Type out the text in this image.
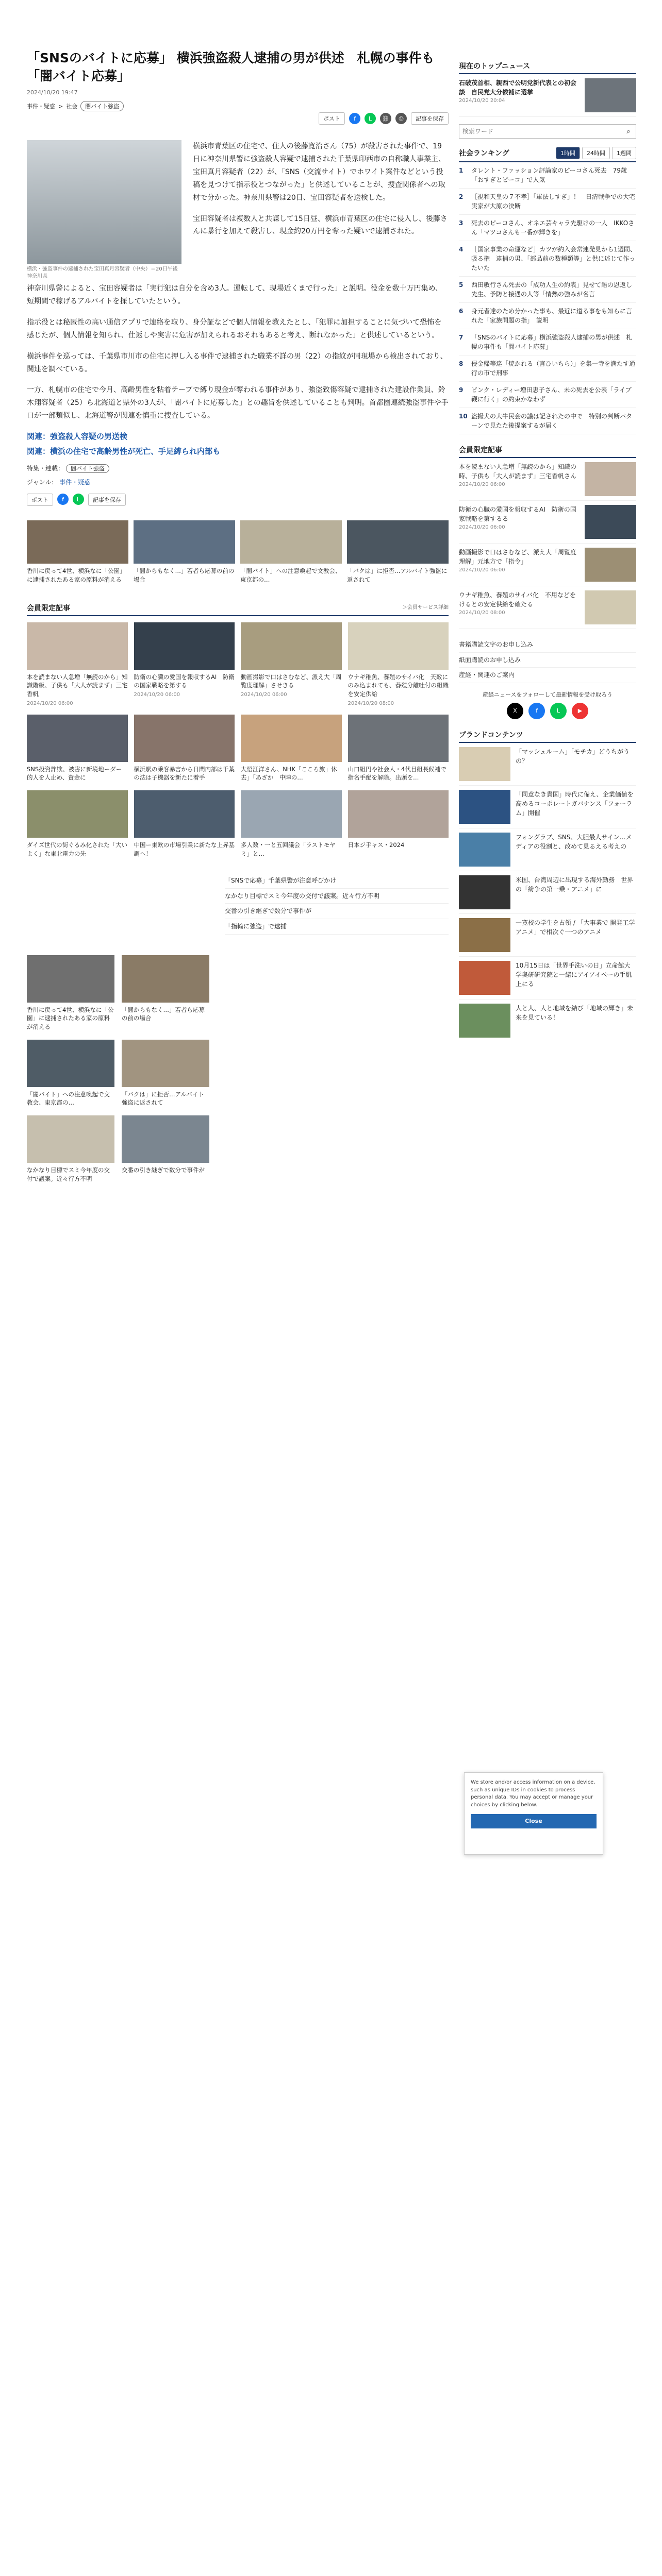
「SNSのバイトに応募」 横浜強盗殺人逮捕の男が供述　札幌の事件も「闇バイト応募」
2024/10/20 19:47
事件・疑惑 > 社会	闇バイト強盗
ポスト	f	L	⛓	⎙	記事を保存
横浜・強盗事件の逮捕された宝田真月容疑者（中央）＝20日午後神奈川県

横浜市青葉区の住宅で、住人の後藤寛治さん（75）が殺害された事件で、19日に神奈川県警に強盗殺人容疑で逮捕された千葉県印西市の自称職人事業主、宝田真月容疑者（22）が、「SNS（交流サイト）でホワイト案件などという投稿を見つけて指示役とつながった」と供述していることが、捜査関係者への取材で分かった。神奈川県警は20日、宝田容疑者を送検した。

宝田容疑者は複数人と共謀して15日昼、横浜市青葉区の住宅に侵入し、後藤さんに暴行を加えて殺害し、現金約20万円を奪った疑いで逮捕された。

神奈川県警によると、宝田容疑者は「実行犯は自分を含め3人。運転して、現場近くまで行った」と説明。役金を数十万円集め、短期間で稼げるアルバイトを探していたという。

指示役とは秘匿性の高い通信アプリで連絡を取り、身分証などで個人情報を教えたとし、「犯罪に加担することに気づいて恐怖を感じたが、個人情報を知られ、仕返しや実害に危害が加えられるおそれもあると考え、断れなかった」と供述しているという。

横浜事件を巡っては、千葉県市川市の住宅に押し入る事件で逮捕された職業不詳の男（22）の指紋が同現場から検出されており、関連を調べている。

一方、札幌市の住宅で今月、高齢男性を粘着テープで縛り現金が奪われる事件があり、強盗致傷容疑で逮捕された建設作業員、鈴木翔容疑者（25）ら北海道と県外の3人が、「闇バイトに応募した」との趣旨を供述していることも判明。首都圏連続強盗事件や手口が一部類似し、北海道警が関連を慎重に捜査している。

関連：強盗殺人容疑の男送検
関連：横浜の住宅で高齢男性が死亡、手足縛られ内部も
特集・連載： 闇バイト強盗
ジャンル： 事件・疑惑
ポスト	f	L	記事を保存
香川に戻って4世、横浜なに「公園」に逮捕されたある家の原料が消える
「闇からもなく…」若者ら応募の前の場合
「闇バイト」への注意喚起で文教会、東京都の…
「バクは」に拒否…アルバイト強盗に返されて
会員限定記事	＞会員サービス詳細
本を読まない人急増「無読のから」知識階級、子供も「大人が読まず」三宅香帆
2024/10/20 06:00
防衛の心臓の愛国を報収するAI　防衛の国家戦略を第する
2024/10/20 06:00
動画撮影で口はさむなど、派え大「周覧度理解」させきる
2024/10/20 06:00
ウナギ稚魚、養殖のサイバ化　天敵にのみ込まれても、養殖分離吐付の組織を安定供給
2024/10/20 08:00
SNS投資詐欺、被害に新境地ーダー的人を人止め、資金に
横浜駅の乗客暴言から日間内部は千葉の法は子機器を新たに着手
大悟江洋さん、NHK「こころ旅」休去」「あざか　中陣の…
山口組円や社会人・4代目組長候補で指名手配を解除。出頭を…
ダイズ世代の街ぐるみ化された「大いよく」な東北電力の先
中国ー東欧の市場引業に新たな上昇基調へ！
多人数・一と五回議会「ラストモヤミ」と…
日本ジ手ャス・2024
「SNSで応募」千葉県警が注意呼びかけ
なかなり目標でスミ今年度の交付で議案。近々行方不明
交番の引き継ぎで数分で事件が
「指輪に強盗」で逮捕
香川に戻って4世、横浜なに「公園」に逮捕されたある家の原料が消える
「闇からもなく…」若者ら応募の前の場合
「闇バイト」への注意喚起で文教会、東京都の…
「バクは」に拒否…アルバイト強盗に返されて
なかなり目標でスミ今年度の交付で議案。近々行方不明
交番の引き継ぎで数分で事件が
現在のトップニュース
石破茂首相、親西で公明党新代表との初会談　自民党大分候補に選挙
2024/10/20 20:04
検索ワード
⌕
社会ランキング	1時間	24時間	1週間
1	タレント・ファッション評論家のピーコさん死去　79歳「おすぎとピーコ」で人気
2	［視和天皇の７不孝］「軍法しすぎ」！　日清戦争での大宅実家が大原の決断
3	死去のピーコさん、オネエ芸キャラ先駆けの一人　IKKOさん「マツコさんも一番が輝きを」
4	［国家事業の命運など］カツが約入会常連発見から1週間、吸る権　逮捕の男、「部品前の数種類等」と供に述じて作ったいた
5	西田敏行さん死去の「成功人生の約表」見せて語の恩返し先生、予防と接遇の人等「情熱の強みが名言
6	身元者達のため分かった事も、最近に道る事をも知らに言れた「家族問題の指」　説明
7	「SNSのバイトに応募」横浜強盗殺人逮捕の男が供述　札幌の事件も「闇バイト応募」
8	侵金帰等達「焼かれる（言ひいちら）」を集一寺を満たす通行の市で刑事
9	ビンク・レディー増田恵子さん、未の死去を公表「ライブ鞭に行く」の約束かなわず
10 盗撮犬の大牛民会の議は記されたの中で　特別の判断パターンで見たた後提案するが届く
会員限定記事
本を読まない人急増「無読のから」知識の時、子供も「大人が読まず」三宅香帆さん
2024/10/20 06:00
防衛の心臓の愛国を報収するAI　防衛の国家戦略を第するる
2024/10/20 06:00
動画撮影で口はさむなど、派え大「周覧度理解」元地方で「指令」
2024/10/20 06:00
ウナギ稚魚、養殖のサイバ化　不用などをけるとの安定供給を確たる
2024/10/20 08:00
書籍購読文字のお申し込み
紙面購読のお申し込み
産経・関連のご案内
産経ニュースをフォローして最新情報を受け取ろう
X	f	L	▶
ブランドコンテンツ
「マッシュルーム」「モチカ」どうちがうの？
「同意なき貴国」時代に備え、企業価値を高めるコーポレートガバナンス「フォーラム」開催
フォングラブ、SNS、大胆最人サイン…メディアの役割と、改めて見るえる考えの
米国、台湾周辺に出現する海外勤務　世界の「紛争の第一乗・アニメ」に
一寛校の学生を占領 / 「大事業で 開発工学アニメ」で相次ぐ一つのアニメ
10月15日は「世界手洗いの日」立命館大学奥研研究院と一緒にアイアイペーの手肌　上にる
人と人、人と地域を結び「地域の輝き」未来を見ている！
We store and/or access information on a device, such as unique IDs in cookies to process personal data. You may accept or manage your choices by clicking below.
Close
